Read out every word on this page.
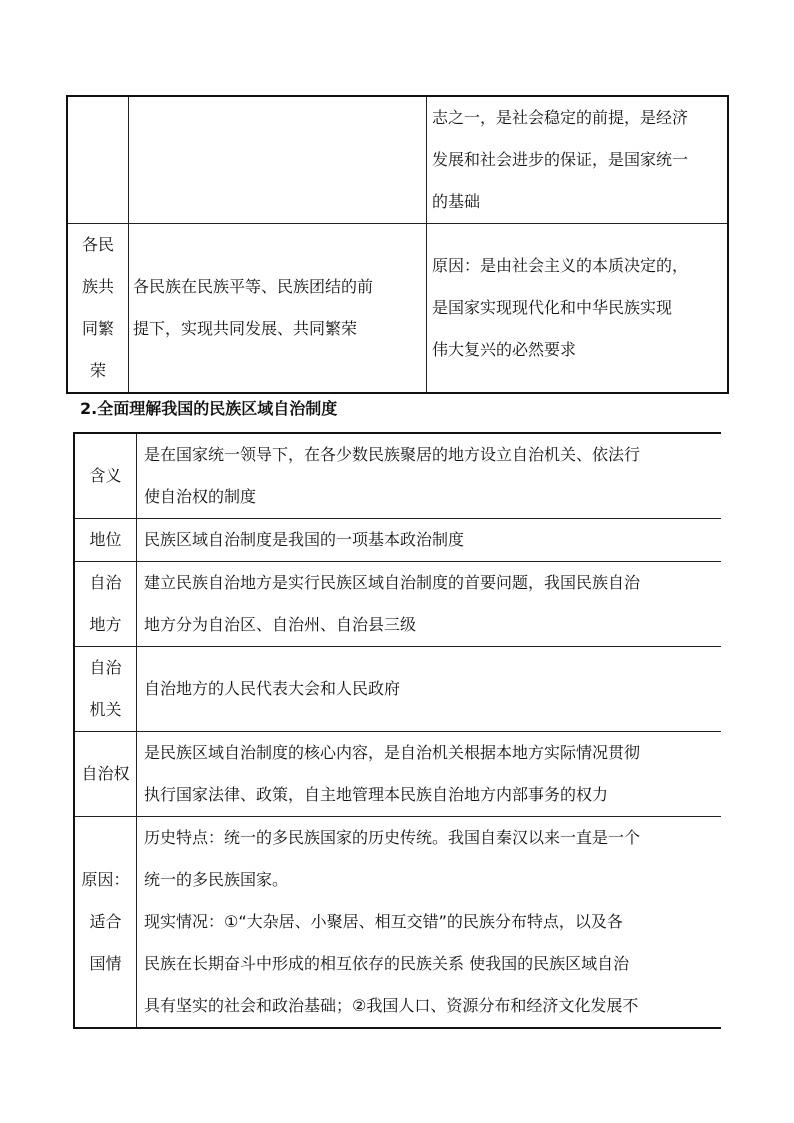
		志之一，是社会稳定的前提，是经济
发展和社会进步的保证，是国家统一
的基础

各民
族共
同繁
荣	各民族在民族平等、民族团结的前
提下，实现共同发展、共同繁荣	原因：是由社会主义的本质决定的，
是国家实现现代化和中华民族实现
伟大复兴的必然要求
2.全面理解我国的民族区域自治制度
含义	是在国家统一领导下，在各少数民族聚居的地方设立自治机关、依法行
使自治权的制度

地位	民族区域自治制度是我国的一项基本政治制度

自治
地方	建立民族自治地方是实行民族区域自治制度的首要问题，我国民族自治
地方分为自治区、自治州、自治县三级

自治
机关	自治地方的人民代表大会和人民政府

自治权	是民族区域自治制度的核心内容，是自治机关根据本地方实际情况贯彻
执行国家法律、政策，自主地管理本民族自治地方内部事务的权力

原因：
适合
国情	历史特点：统一的多民族国家的历史传统。我国自秦汉以来一直是一个
统一的多民族国家。
现实情况：①“大杂居、小聚居、相互交错”的民族分布特点，以及各
民族在长期奋斗中形成的相互依存的民族关系 使我国的民族区域自治
具有坚实的社会和政治基础；②我国人口、资源分布和经济文化发展不
